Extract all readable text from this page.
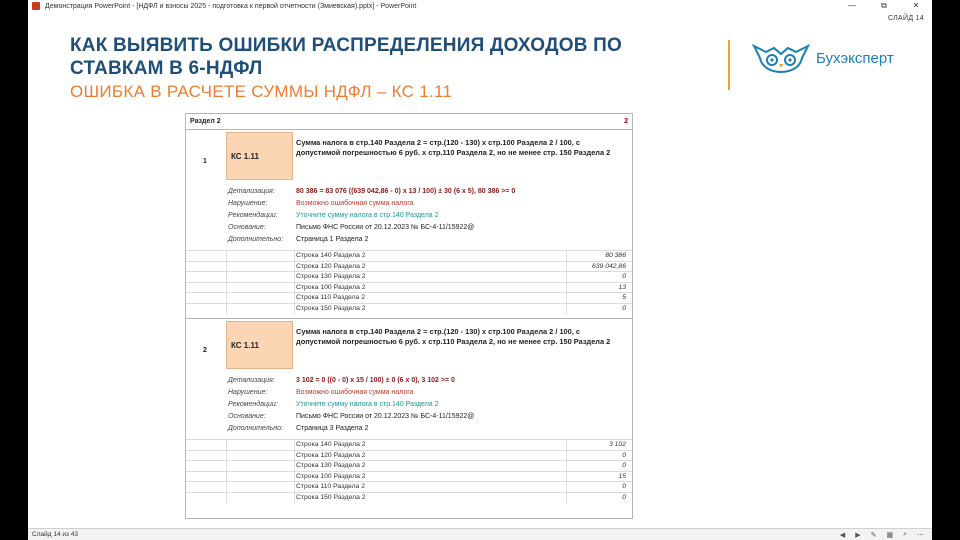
Демонстрация PowerPoint - [НДФЛ и взносы 2025 - подготовка к первой отчетности (Змиевская).pptx] - PowerPoint	—	⧉	✕
СЛАЙД 14
КАК ВЫЯВИТЬ ОШИБКИ РАСПРЕДЕЛЕНИЯ ДОХОДОВ ПО СТАВКАМ В 6-НДФЛ
ОШИБКА В РАСЧЕТЕ СУММЫ НДФЛ – КС 1.11
Бухэксперт
Раздел 2	2
1
КС 1.11
Сумма налога в стр.140 Раздела 2 = стр.(120 - 130) x стр.100 Раздела 2 / 100, с допустимой погрешностью 6 руб. x стр.110 Раздела 2, но не менее стр. 150 Раздела 2
Детализация:	80 386 = 83 076 ((639 042,86 - 0) x 13 / 100) ± 30 (6 x 5), 80 386 >= 0
Нарушение:	Возможно ошибочная сумма налога
Рекомендации:	Уточните сумму налога в стр.140 Раздела 2
Основание:	Письмо ФНС России от 20.12.2023 № БС-4-11/15922@
Дополнительно:	Страница 1 Раздела 2
Строка 140 Раздела 2	80 386
Строка 120 Раздела 2	639 042,86
Строка 130 Раздела 2	0
Строка 100 Раздела 2	13
Строка 110 Раздела 2	5
Строка 150 Раздела 2	0
2
КС 1.11
Сумма налога в стр.140 Раздела 2 = стр.(120 - 130) x стр.100 Раздела 2 / 100, с допустимой погрешностью 6 руб. x стр.110 Раздела 2, но не менее стр. 150 Раздела 2
Детализация:	3 102 = 0 ((0 - 0) x 15 / 100) ± 0 (6 x 0), 3 102 >= 0
Нарушение:	Возможно ошибочная сумма налога
Рекомендации:	Уточните сумму налога в стр.140 Раздела 2
Основание:	Письмо ФНС России от 20.12.2023 № БС-4-11/15922@
Дополнительно:	Страница 3 Раздела 2
Строка 140 Раздела 2	3 102
Строка 120 Раздела 2	0
Строка 130 Раздела 2	0
Строка 100 Раздела 2	15
Строка 110 Раздела 2	0
Строка 150 Раздела 2	0
Слайд 14 из 43	◀ ▶ ✎ ▦ ⌕ ⋯
